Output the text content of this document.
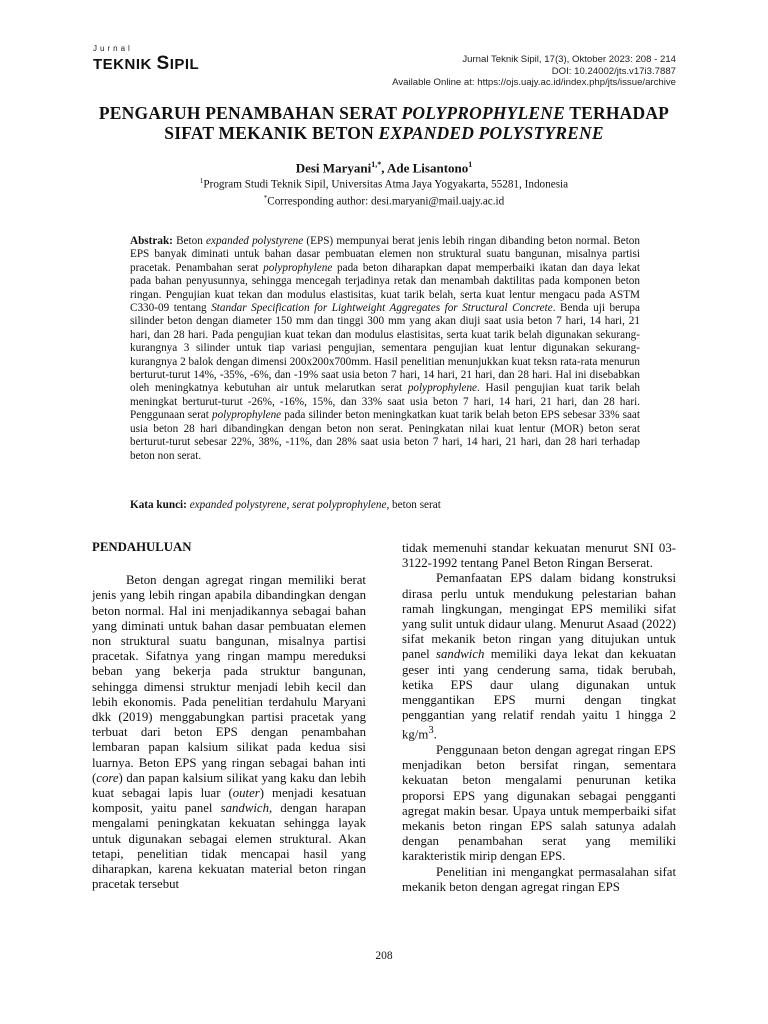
Jurnal
TEKNIK SIPIL	Jurnal Teknik Sipil, 17(3), Oktober 2023: 208 - 214
DOI: 10.24002/jts.v17i3.7887
Available Online at: https://ojs.uajy.ac.id/index.php/jts/issue/archive
PENGARUH PENAMBAHAN SERAT POLYPROPHYLENE TERHADAP
SIFAT MEKANIK BETON EXPANDED POLYSTYRENE
Desi Maryani$^{1,*}$, Ade Lisantono$^1$
$^1$Program Studi Teknik Sipil, Universitas Atma Jaya Yogyakarta, 55281, Indonesia
*Corresponding author: desi.maryani@mail.uajy.ac.id
Abstrak: Beton expanded polystyrene (EPS) mempunyai berat jenis lebih ringan dibanding beton normal. Beton EPS banyak diminati untuk bahan dasar pembuatan elemen non struktural suatu bangunan, misalnya partisi pracetak. Penambahan serat polyprophylene pada beton diharapkan dapat memperbaiki ikatan dan daya lekat pada bahan penyusunnya, sehingga mencegah terjadinya retak dan menambah daktilitas pada komponen beton ringan. Pengujian kuat tekan dan modulus elastisitas, kuat tarik belah, serta kuat lentur mengacu pada ASTM C330-09 tentang Standar Specification for Lightweight Aggregates for Structural Concrete. Benda uji berupa silinder beton dengan diameter 150 mm dan tinggi 300 mm yang akan diuji saat usia beton 7 hari, 14 hari, 21 hari, dan 28 hari. Pada pengujian kuat tekan dan modulus elastisitas, serta kuat tarik belah digunakan sekurang-kurangnya 3 silinder untuk tiap variasi pengujian, sementara pengujian kuat lentur digunakan sekurang-kurangnya 2 balok dengan dimensi 200x200x700mm. Hasil penelitian menunjukkan kuat teksn rata-rata menurun berturut-turut 14%, -35%, -6%, dan -19% saat usia beton 7 hari, 14 hari, 21 hari, dan 28 hari. Hal ini disebabkan oleh meningkatnya kebutuhan air untuk melarutkan serat polyprophylene. Hasil pengujian kuat tarik belah meningkat berturut-turut -26%, -16%, 15%, dan 33% saat usia beton 7 hari, 14 hari, 21 hari, dan 28 hari. Penggunaan serat polyprophylene pada silinder beton meningkatkan kuat tarik belah beton EPS sebesar 33% saat usia beton 28 hari dibandingkan dengan beton non serat. Peningkatan nilai kuat lentur (MOR) beton serat berturut-turut sebesar 22%, 38%, -11%, dan 28% saat usia beton 7 hari, 14 hari, 21 hari, dan 28 hari terhadap beton non serat.
Kata kunci: expanded polystyrene, serat polyprophylene, beton serat

PENDAHULUAN

Beton dengan agregat ringan memiliki berat jenis yang lebih ringan apabila dibandingkan dengan beton normal. Hal ini menjadikannya sebagai bahan yang diminati untuk bahan dasar pembuatan elemen non struktural suatu bangunan, misalnya partisi pracetak. Sifatnya yang ringan mampu mereduksi beban yang bekerja pada struktur bangunan, sehingga dimensi struktur menjadi lebih kecil dan lebih ekonomis. Pada penelitian terdahulu Maryani dkk (2019) menggabungkan partisi pracetak yang terbuat dari beton EPS dengan penambahan lembaran papan kalsium silikat pada kedua sisi luarnya. Beton EPS yang ringan sebagai bahan inti (core) dan papan kalsium silikat yang kaku dan lebih kuat sebagai lapis luar (outer) menjadi kesatuan komposit, yaitu panel sandwich, dengan harapan mengalami peningkatan kekuatan sehingga layak untuk digunakan sebagai elemen struktural. Akan tetapi, penelitian tidak mencapai hasil yang diharapkan, karena kekuatan material beton ringan pracetak tersebut

tidak memenuhi standar kekuatan menurut SNI 03-3122-1992 tentang Panel Beton Ringan Berserat.

Pemanfaatan EPS dalam bidang konstruksi dirasa perlu untuk mendukung pelestarian bahan ramah lingkungan, mengingat EPS memiliki sifat yang sulit untuk didaur ulang. Menurut Asaad (2022) sifat mekanik beton ringan yang ditujukan untuk panel sandwich memiliki daya lekat dan kekuatan geser inti yang cenderung sama, tidak berubah, ketika EPS daur ulang digunakan untuk menggantikan EPS murni dengan tingkat penggantian yang relatif rendah yaitu 1 hingga 2 $kg/m^3$.

Penggunaan beton dengan agregat ringan EPS menjadikan beton bersifat ringan, sementara kekuatan beton mengalami penurunan ketika proporsi EPS yang digunakan sebagai pengganti agregat makin besar. Upaya untuk memperbaiki sifat mekanis beton ringan EPS salah satunya adalah dengan penambahan serat yang memiliki karakteristik mirip dengan EPS.

Penelitian ini mengangkat permasalahan sifat mekanik beton dengan agregat ringan EPS

208
